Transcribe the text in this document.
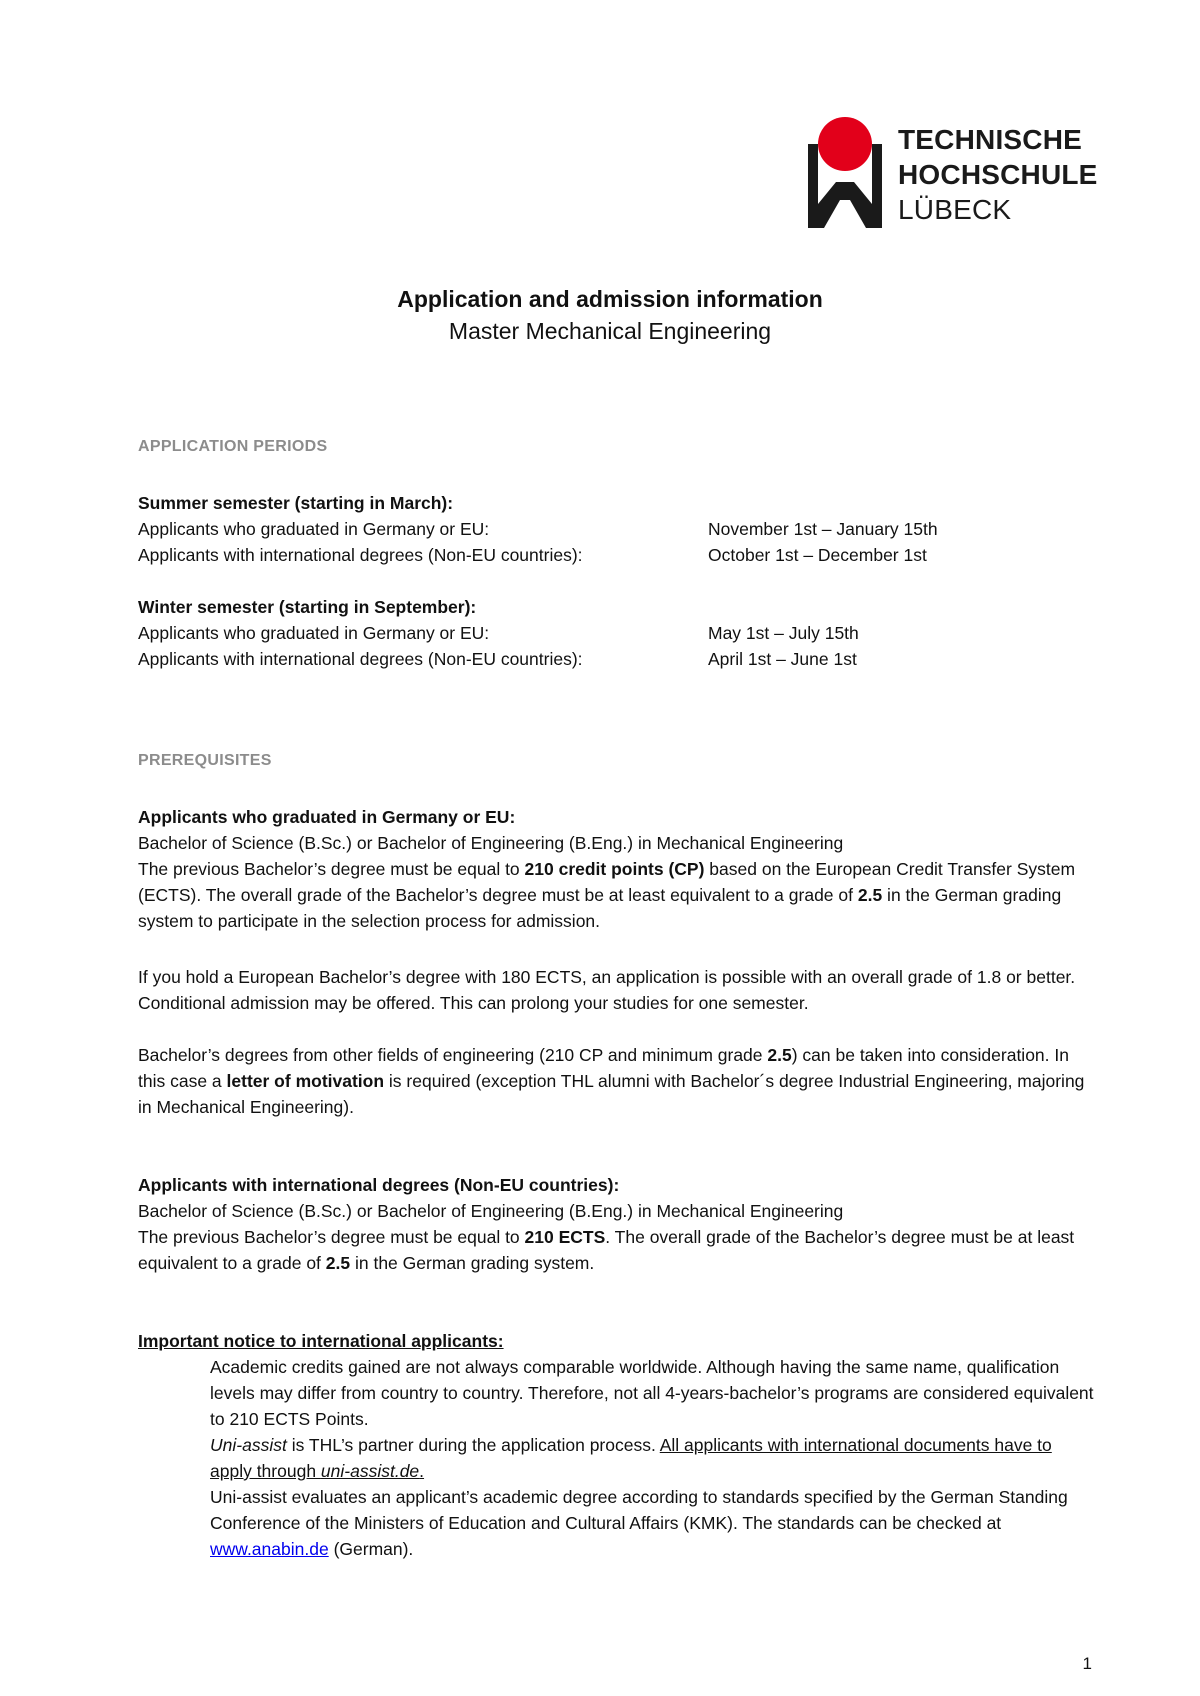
TECHNISCHE
HOCHSCHULE
LÜBECK
Application and admission information
Master Mechanical Engineering
APPLICATION PERIODS
Summer semester (starting in March):
Applicants who graduated in Germany or EU:	November 1st – January 15th
Applicants with international degrees (Non-EU countries):	October 1st – December 1st
Winter semester (starting in September):
Applicants who graduated in Germany or EU:	May 1st – July 15th
Applicants with international degrees (Non-EU countries):	April 1st – June 1st
PREREQUISITES
Applicants who graduated in Germany or EU:
Bachelor of Science (B.Sc.) or Bachelor of Engineering (B.Eng.) in Mechanical Engineering

The previous Bachelor’s degree must be equal to 210 credit points (CP) based on the European Credit Transfer System (ECTS). The overall grade of the Bachelor’s degree must be at least equivalent to a grade of 2.5 in the German grading system to participate in the selection process for admission.

If you hold a European Bachelor’s degree with 180 ECTS, an application is possible with an overall grade of 1.8 or better. Conditional admission may be offered. This can prolong your studies for one semester.

Bachelor’s degrees from other fields of engineering (210 CP and minimum grade 2.5) can be taken into consideration. In this case a letter of motivation is required (exception THL alumni with Bachelor´s degree Industrial Engineering, majoring in Mechanical Engineering).

Applicants with international degrees (Non-EU countries):
Bachelor of Science (B.Sc.) or Bachelor of Engineering (B.Eng.) in Mechanical Engineering

The previous Bachelor’s degree must be equal to 210 ECTS. The overall grade of the Bachelor’s degree must be at least equivalent to a grade of 2.5 in the German grading system.

Important notice to international applicants:
Academic credits gained are not always comparable worldwide. Although having the same name, qualification levels may differ from country to country. Therefore, not all 4-years-bachelor’s programs are considered equivalent to 210 ECTS Points.
Uni-assist is THL’s partner during the application process. All applicants with international documents have to apply through uni-assist.de.
Uni-assist evaluates an applicant’s academic degree according to standards specified by the German Standing Conference of the Ministers of Education and Cultural Affairs (KMK). The standards can be checked at www.anabin.de (German).
1
